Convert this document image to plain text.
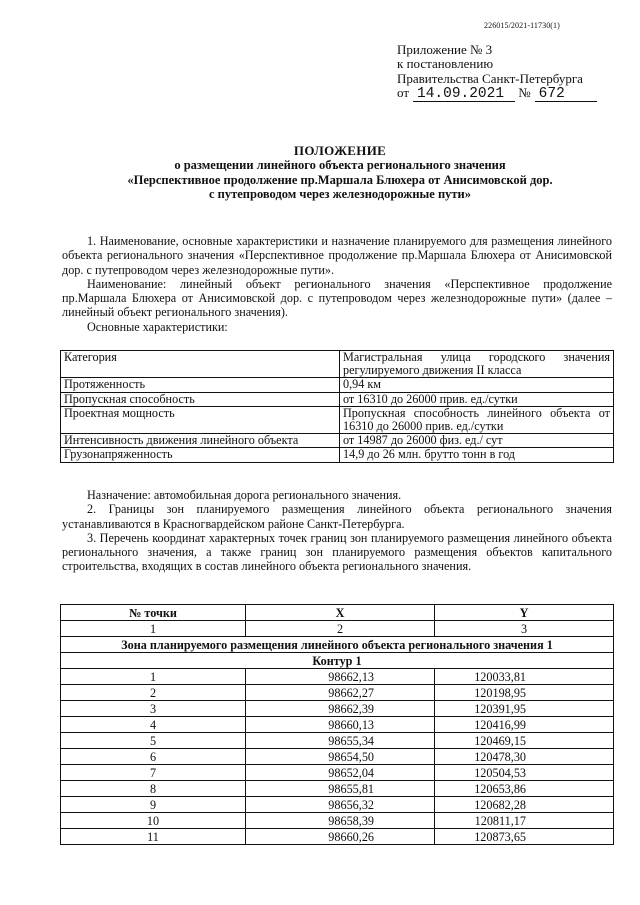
226015/2021-11730(1)
Приложение № 3
к постановлению
Правительства Санкт-Петербурга
от 14.09.2021 № 672
ПОЛОЖЕНИЕ
о размещении линейного объекта регионального значения
«Перспективное продолжение пр.Маршала Блюхера от Анисимовской дор.
с путепроводом через железнодорожные пути»

1. Наименование, основные характеристики и назначение планируемого для размещения линейного объекта регионального значения «Перспективное продолжение пр.Маршала Блюхера от Анисимовской дор. с путепроводом через железнодорожные пути».

Наименование: линейный объект регионального значения «Перспективное продолжение пр.Маршала Блюхера от Анисимовской дор. с путепроводом через железнодорожные пути» (далее – линейный объект регионального значения).

Основные характеристики:

Категория	Магистральная улица городского значения регулируемого движения II класса
Протяженность	0,94 км
Пропускная способность	от 16310 до 26000 прив. ед./сутки
Проектная мощность	Пропускная способность линейного объекта от 16310 до 26000 прив. ед./сутки
Интенсивность движения линейного объекта	от 14987 до 26000 физ. ед./ сут
Грузонапряженность	14,9 до 26 млн. брутто тонн в год

Назначение: автомобильная дорога регионального значения.

2. Границы зон планируемого размещения линейного объекта регионального значения устанавливаются в Красногвардейском районе Санкт-Петербурга.

3. Перечень координат характерных точек границ зон планируемого размещения линейного объекта регионального значения, а также границ зон планируемого размещения объектов капитального строительства, входящих в состав линейного объекта регионального значения.

№ точки	X	Y
1	2	3
Зона планируемого размещения линейного объекта регионального значения 1		
Контур 1		
1	98662,13	120033,81
2	98662,27	120198,95
3	98662,39	120391,95
4	98660,13	120416,99
5	98655,34	120469,15
6	98654,50	120478,30
7	98652,04	120504,53
8	98655,81	120653,86
9	98656,32	120682,28
10	98658,39	120811,17
11	98660,26	120873,65
